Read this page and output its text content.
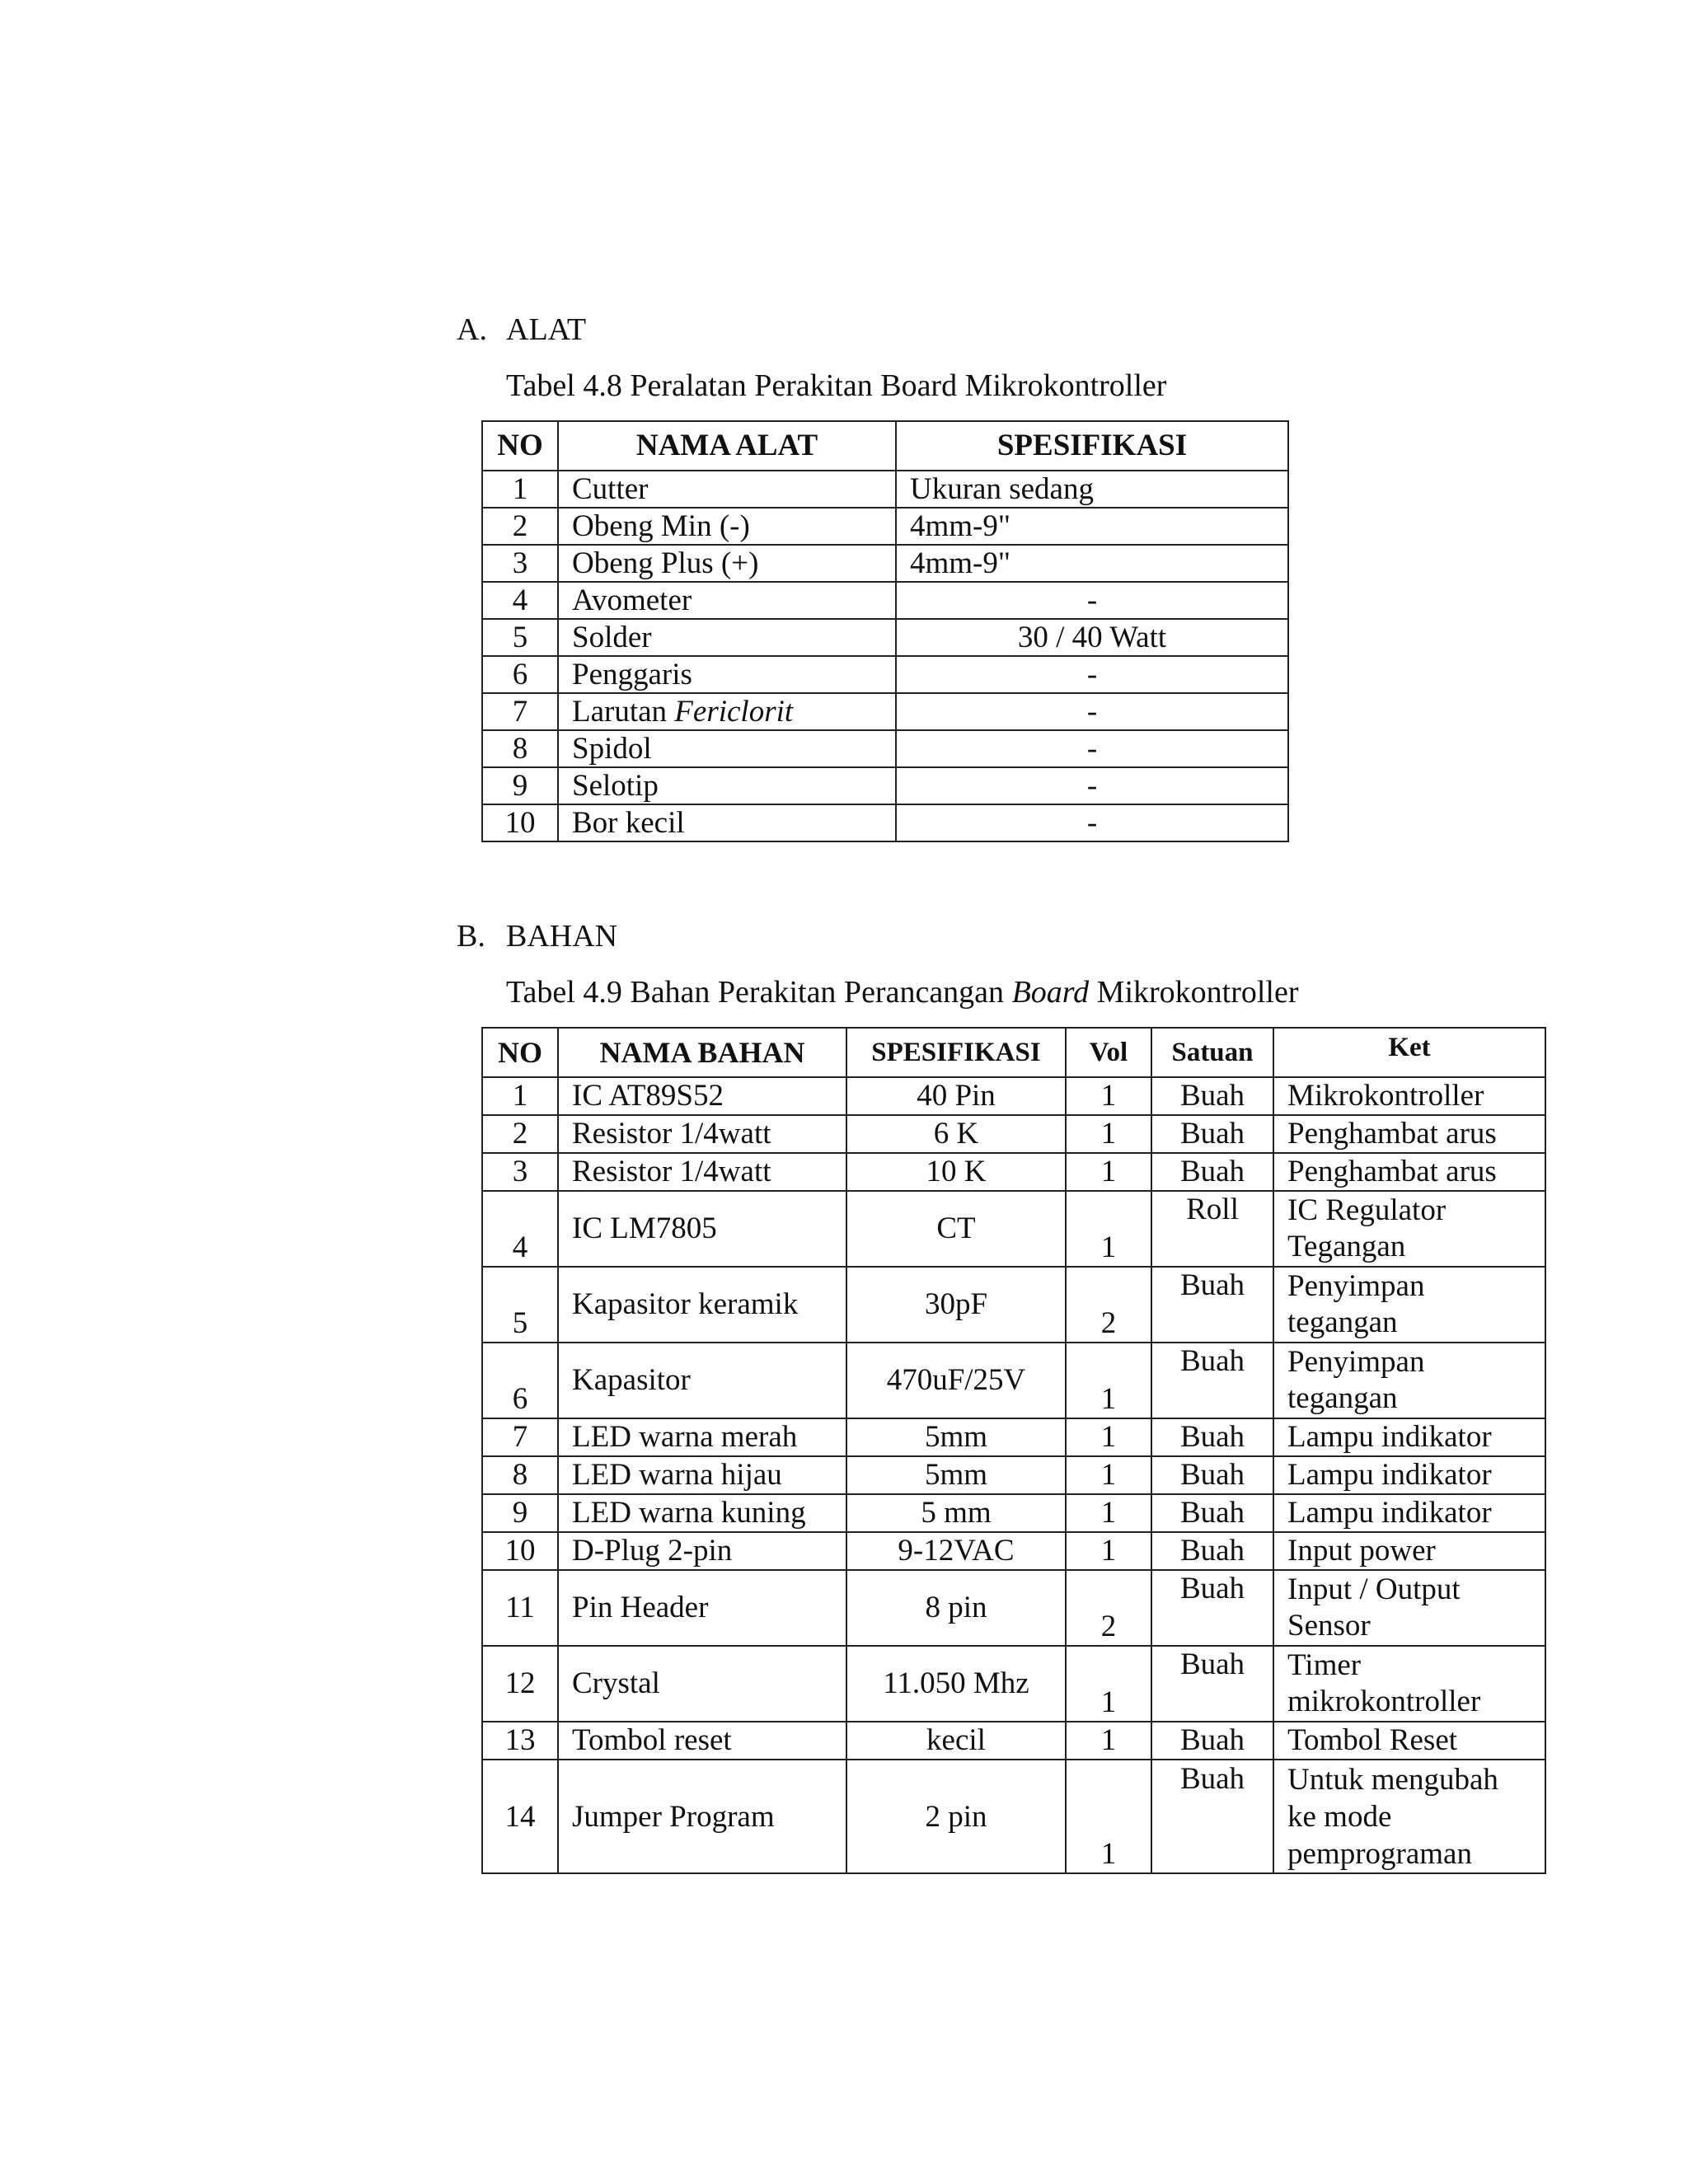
A. ALAT
Tabel 4.8 Peralatan Perakitan Board Mikrokontroller
NO	NAMA ALAT	SPESIFIKASI
1	Cutter	Ukuran sedang
2	Obeng Min (-)	4mm-9"
3	Obeng Plus (+)	4mm-9"
4	Avometer	-
5	Solder	30 / 40 Watt
6	Penggaris	-
7	Larutan Fericlorit	-
8	Spidol	-
9	Selotip	-
10	Bor kecil	-
B. BAHAN
Tabel 4.9 Bahan Perakitan Perancangan Board Mikrokontroller
NO	NAMA BAHAN	SPESIFIKASI	Vol	Satuan	Ket
1	IC AT89S52	40 Pin	1	Buah	Mikrokontroller

2	Resistor 1/4watt	6 K	1	Buah	Penghambat arus

3	Resistor 1/4watt	10 K	1	Buah	Penghambat arus

4	IC LM7805	CT	1	Roll	IC Regulator
Tegangan

5	Kapasitor keramik	30pF	2	Buah	Penyimpan
tegangan

6	Kapasitor	470uF/25V	1	Buah	Penyimpan
tegangan

7	LED warna merah	5mm	1	Buah	Lampu indikator

8	LED warna hijau	5mm	1	Buah	Lampu indikator

9	LED warna kuning	5 mm	1	Buah	Lampu indikator

10	D-Plug 2-pin	9-12VAC	1	Buah	Input power

11	Pin Header	8 pin	2	Buah	Input / Output
Sensor

12	Crystal	11.050 Mhz	1	Buah	Timer
mikrokontroller

13	Tombol reset	kecil	1	Buah	Tombol Reset

14	Jumper Program	2 pin	1	Buah	Untuk mengubah
ke mode
pemprograman
